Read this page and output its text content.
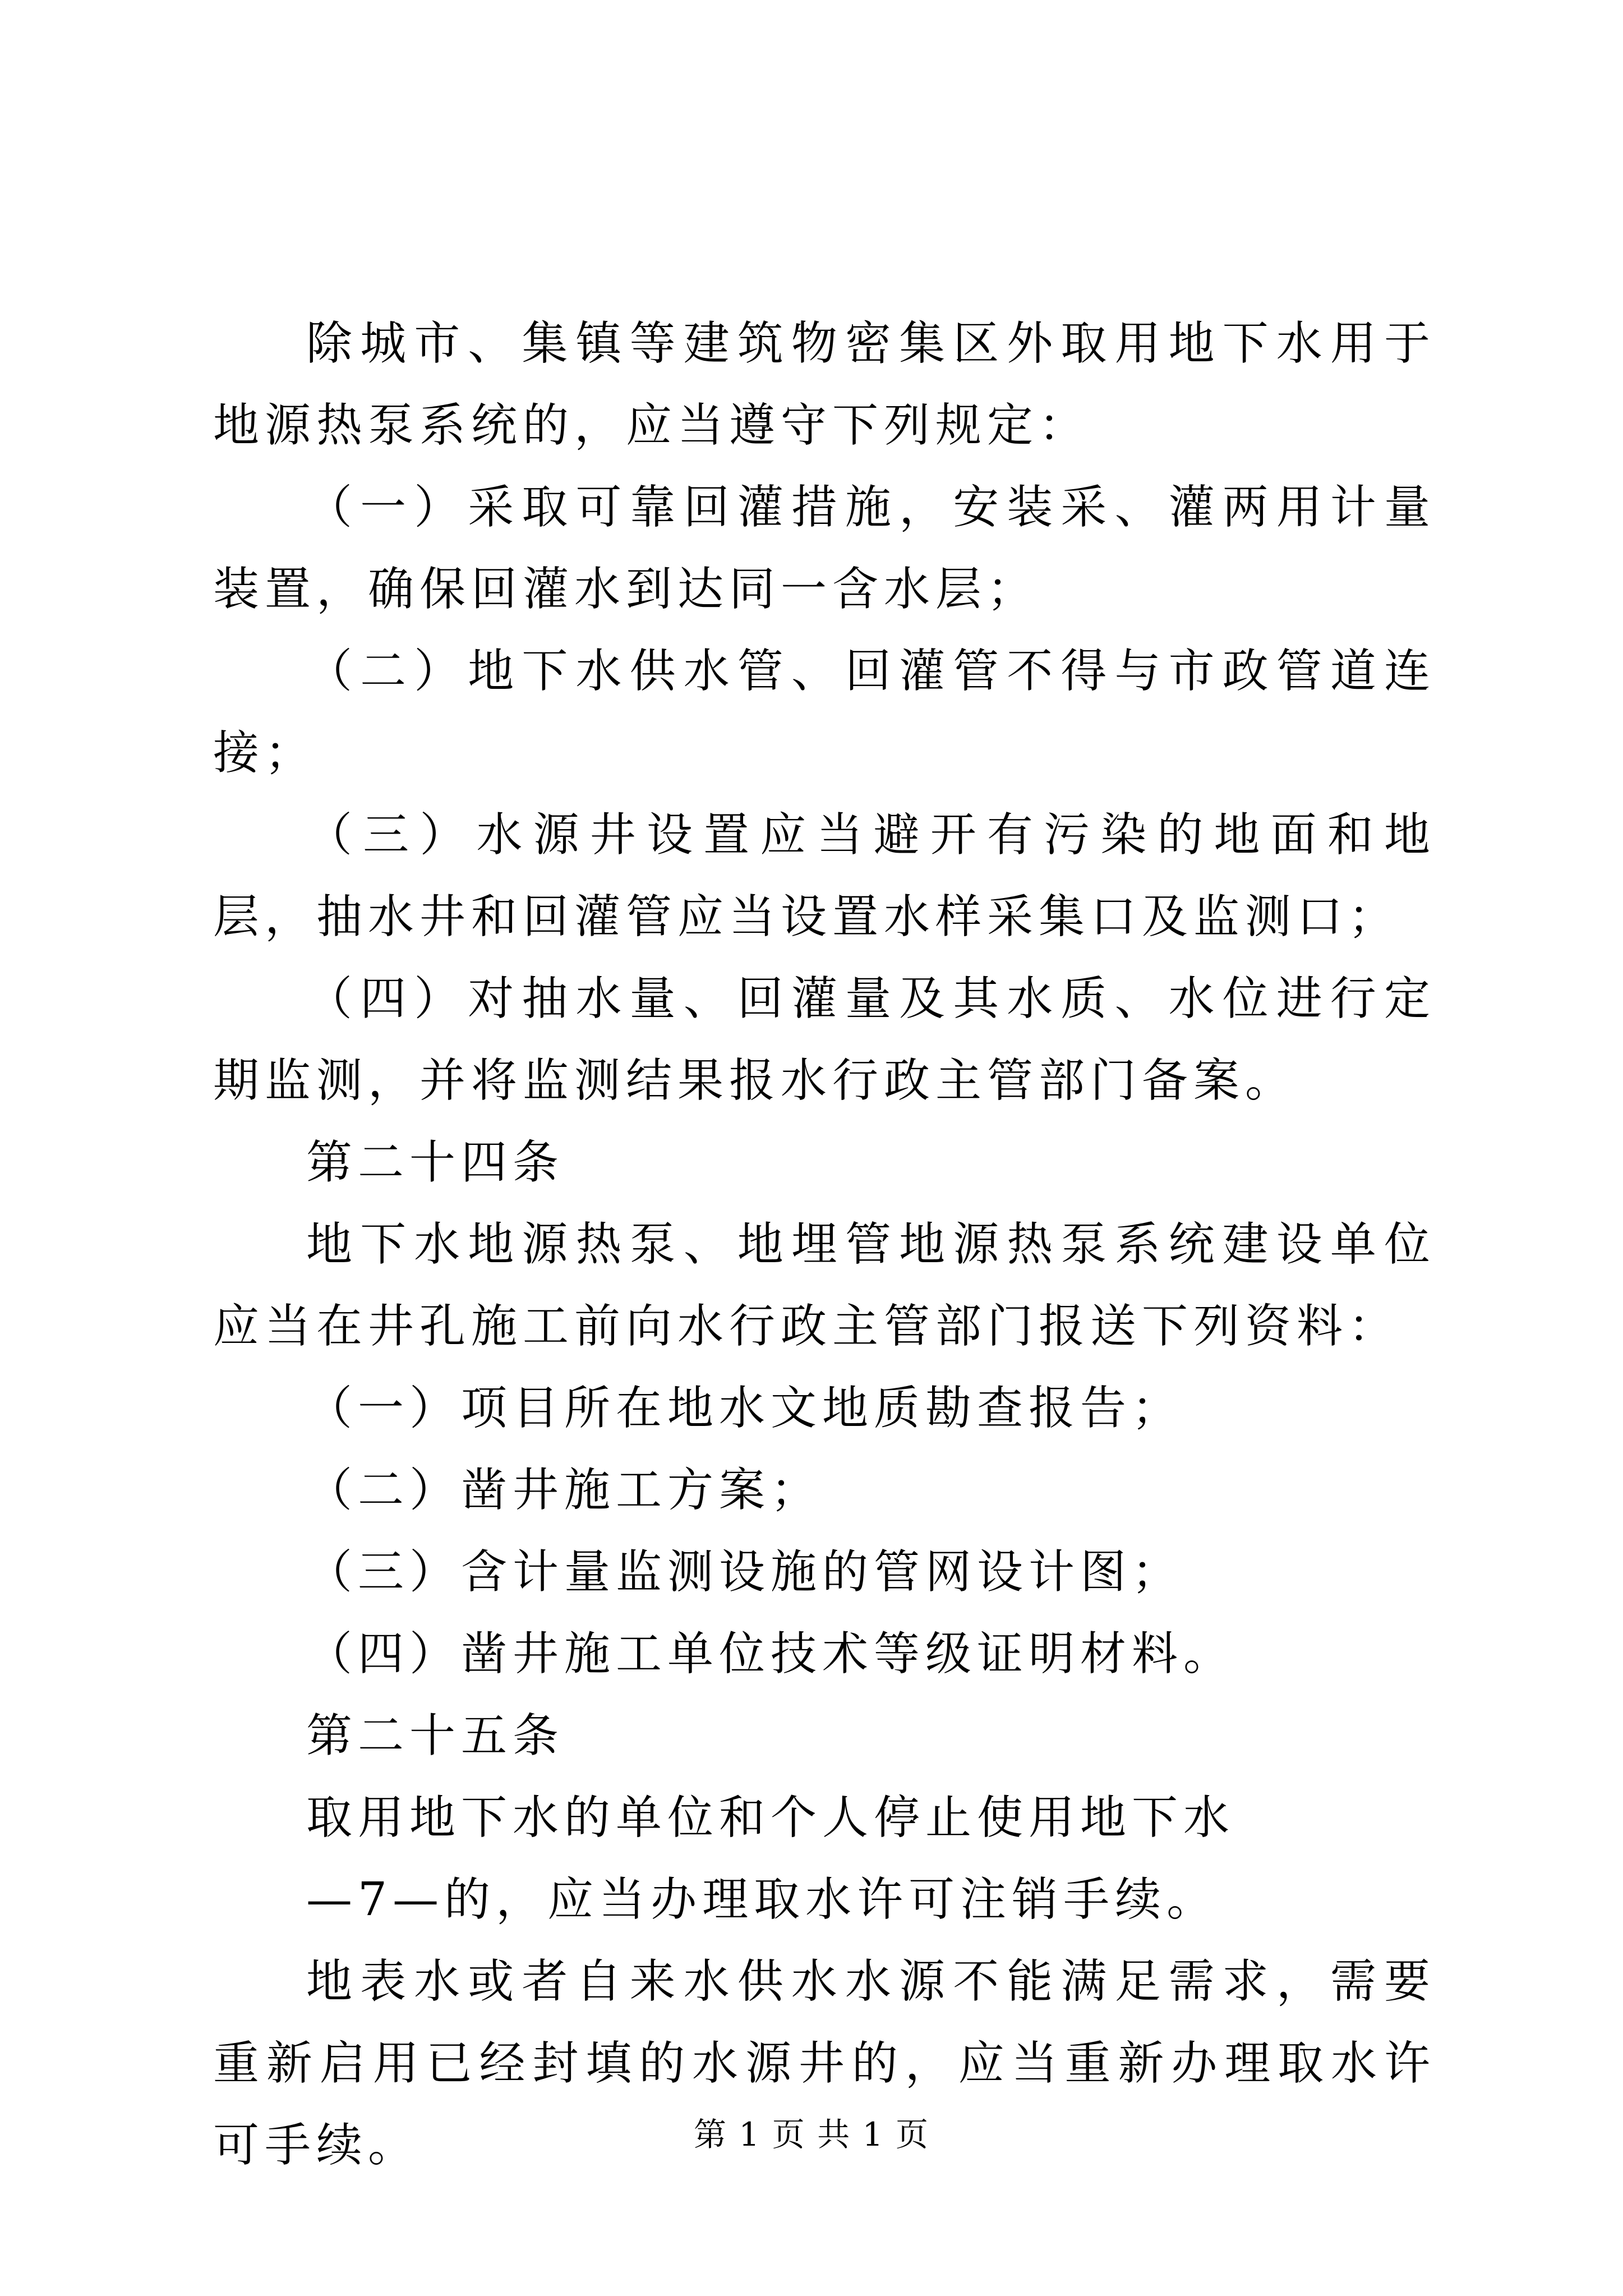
除城市、集镇等建筑物密集区外取用地下水用于地源热泵系统的，应当遵守下列规定：

（一）采取可靠回灌措施，安装采、灌两用计量装置，确保回灌水到达同一含水层；

（二）地下水供水管、回灌管不得与市政管道连接；

（三）水源井设置应当避开有污染的地面和地层，抽水井和回灌管应当设置水样采集口及监测口；

（四）对抽水量、回灌量及其水质、水位进行定期监测，并将监测结果报水行政主管部门备案。

第二十四条

地下水地源热泵、地埋管地源热泵系统建设单位应当在井孔施工前向水行政主管部门报送下列资料：

（一）项目所在地水文地质勘查报告；

（二）凿井施工方案；

（三）含计量监测设施的管网设计图；

（四）凿井施工单位技术等级证明材料。

第二十五条

取用地下水的单位和个人停止使用地下水

—7—的，应当办理取水许可注销手续。

地表水或者自来水供水水源不能满足需求，需要重新启用已经封填的水源井的，应当重新办理取水许可手续。	第 1 页 共 1 页
